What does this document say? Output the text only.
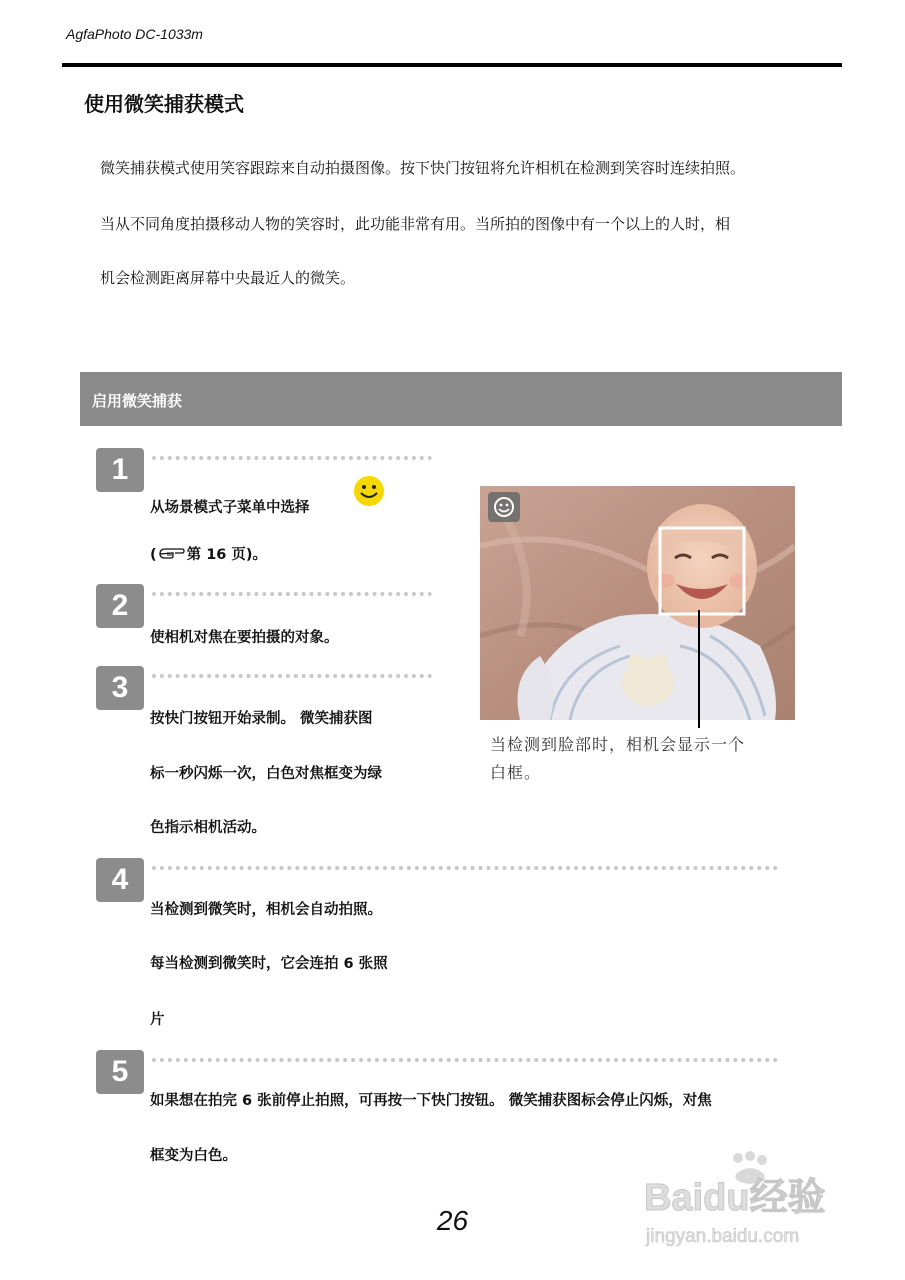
AgfaPhoto DC-1033m
使用微笑捕获模式
微笑捕获模式使用笑容跟踪来自动拍摄图像。按下快门按钮将允许相机在检测到笑容时连续拍照。
当从不同角度拍摄移动人物的笑容时，此功能非常有用。当所拍的图像中有一个以上的人时，相
机会检测距离屏幕中央最近人的微笑。
启用微笑捕获
1
从场景模式子菜单中选择
( 第 16 页)。
2
使相机对焦在要拍摄的对象。
3
按快门按钮开始录制。 微笑捕获图
标一秒闪烁一次，白色对焦框变为绿
色指示相机活动。
当检测到脸部时，相机会显示一个
白框。
4
当检测到微笑时，相机会自动拍照。
每当检测到微笑时，它会连拍 6 张照
片
5
如果想在拍完 6 张前停止拍照，可再按一下快门按钮。 微笑捕获图标会停止闪烁，对焦
框变为白色。
26
Baidu经验
jingyan.baidu.com
